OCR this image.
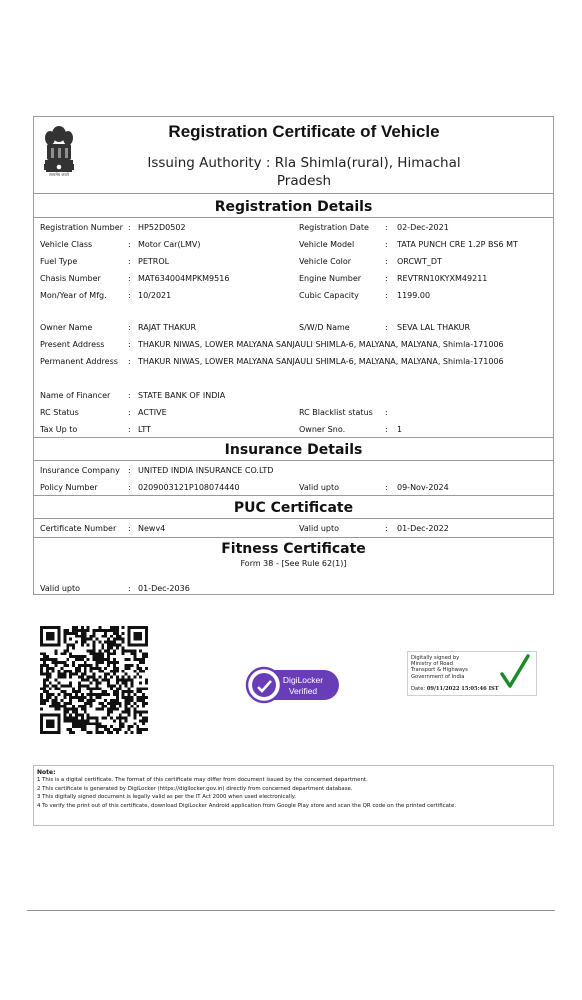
सत्यमेव जयते
Registration Certificate of Vehicle
Issuing Authority : Rla Shimla(rural), Himachal
Pradesh
Registration Details
Registration Number : HP52D0502	Registration Date : 02-Dec-2021
Vehicle Class	: Motor Car(LMV)	Vehicle Model	: TATA PUNCH CRE 1.2P BS6 MT
Fuel Type	: PETROL	Vehicle Color	: ORCWT_DT
Chasis Number	: MAT634004MPKM9516	Engine Number	: REVTRN10KYXM49211
Mon/Year of Mfg.	: 10/2021	Cubic Capacity	: 1199.00
Owner Name	: RAJAT THAKUR	S/W/D Name	: SEVA LAL THAKUR
Present Address	: THAKUR NIWAS, LOWER MALYANA SANJAULI SHIMLA-6, MALYANA, MALYANA, Shimla-171006
Permanent Address : THAKUR NIWAS, LOWER MALYANA SANJAULI SHIMLA-6, MALYANA, MALYANA, Shimla-171006
Name of Financer : STATE BANK OF INDIA
RC Status	: ACTIVE	RC Blacklist status :
Tax Up to	: LTT	Owner Sno.	: 1
Insurance Details
Insurance Company : UNITED INDIA INSURANCE CO.LTD
Policy Number	: 0209003121P108074440	Valid upto	: 09-Nov-2024
PUC Certificate
Certificate Number : Newv4	Valid upto	: 01-Dec-2022
Fitness Certificate
Form 38 - [See Rule 62(1)]
Valid upto	: 01-Dec-2036
DigiLocker
Verified
Digitally signed by
Ministry of Road
Transport & Highways
Government of India
Date: 09/11/2022 15:05:46 IST
Note:
1 This is a digital certificate. The format of this certificate may differ from document issued by the concerned department.
2 This certificate is generated by DigiLocker (https://digilocker.gov.in) directly from concerned department database.
3 This digitally signed document is legally valid as per the IT Act 2000 when used electronically.
4 To verify the print out of this certificate, download DigiLocker Android application from Google Play store and scan the QR code on the printed certificate.
